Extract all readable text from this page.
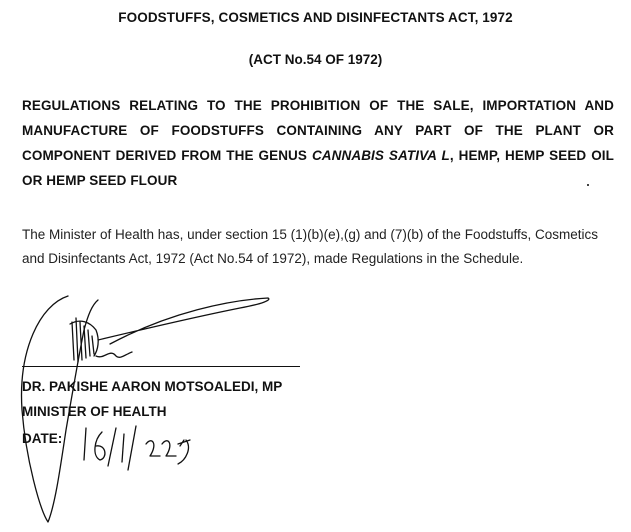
FOODSTUFFS, COSMETICS AND DISINFECTANTS ACT, 1972
(ACT No.54 OF 1972)
REGULATIONS RELATING TO THE PROHIBITION OF THE SALE, IMPORTATION AND MANUFACTURE OF FOODSTUFFS CONTAINING ANY PART OF THE PLANT OR COMPONENT DERIVED FROM THE GENUS CANNABIS SATIVA L, HEMP, HEMP SEED OIL OR HEMP SEED FLOUR
The Minister of Health has, under section 15 (1)(b)(e),(g) and (7)(b) of the Foodstuffs, Cosmetics and Disinfectants Act, 1972 (Act No.54 of 1972), made Regulations in the Schedule.
DR. PAKISHE AARON MOTSOALEDI, MP
MINISTER OF HEALTH
DATE:
